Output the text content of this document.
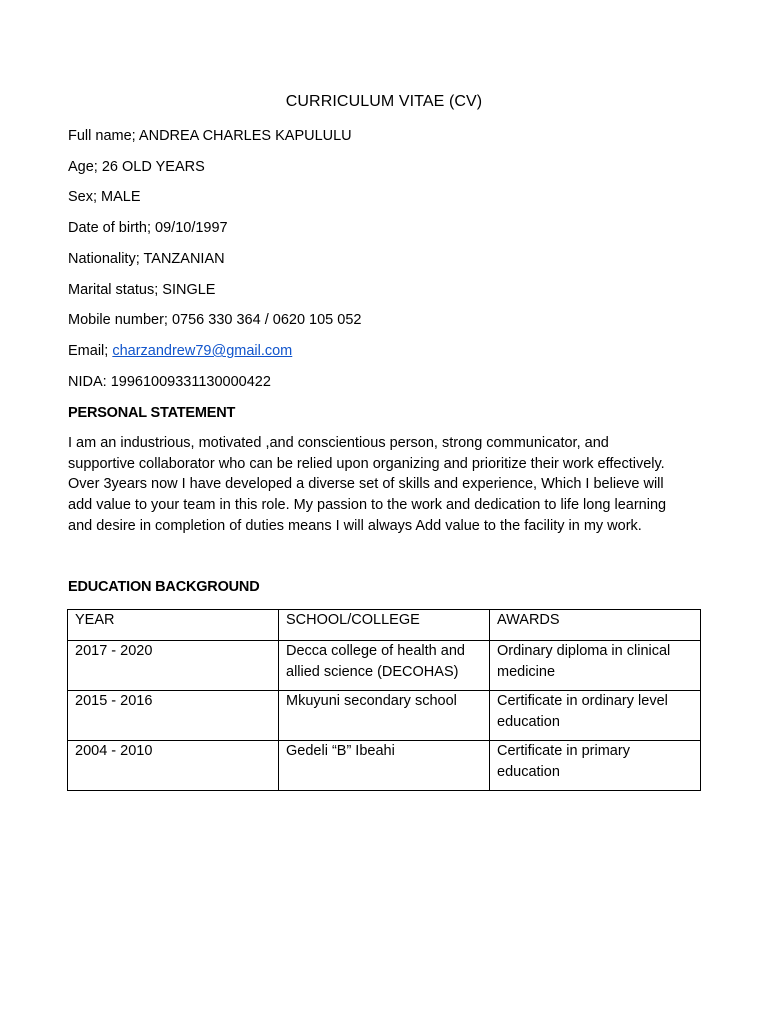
CURRICULUM VITAE (CV)
Full name; ANDREA CHARLES KAPULULU
Age; 26 OLD YEARS
Sex; MALE
Date of birth; 09/10/1997
Nationality; TANZANIAN
Marital status; SINGLE
Mobile number; 0756 330 364 / 0620 105 052
Email; charzandrew79@gmail.com
NIDA: 19961009331130000422
PERSONAL STATEMENT
I am an industrious, motivated ,and conscientious person, strong communicator, and
supportive collaborator who can be relied upon organizing and prioritize their work effectively.
Over 3years now I have developed a diverse set of skills and experience, Which I believe will
add value to your team in this role. My passion to the work and dedication to life long learning
and desire in completion of duties means I will always Add value to the facility in my work.
EDUCATION BACKGROUND
YEAR	SCHOOL/COLLEGE	AWARDS
2017 - 2020	Decca college of health and allied science (DECOHAS)	Ordinary diploma in clinical medicine
2015 - 2016	Mkuyuni secondary school	Certificate in ordinary level education
2004 - 2010	Gedeli “B” Ibeahi	Certificate in primary education
